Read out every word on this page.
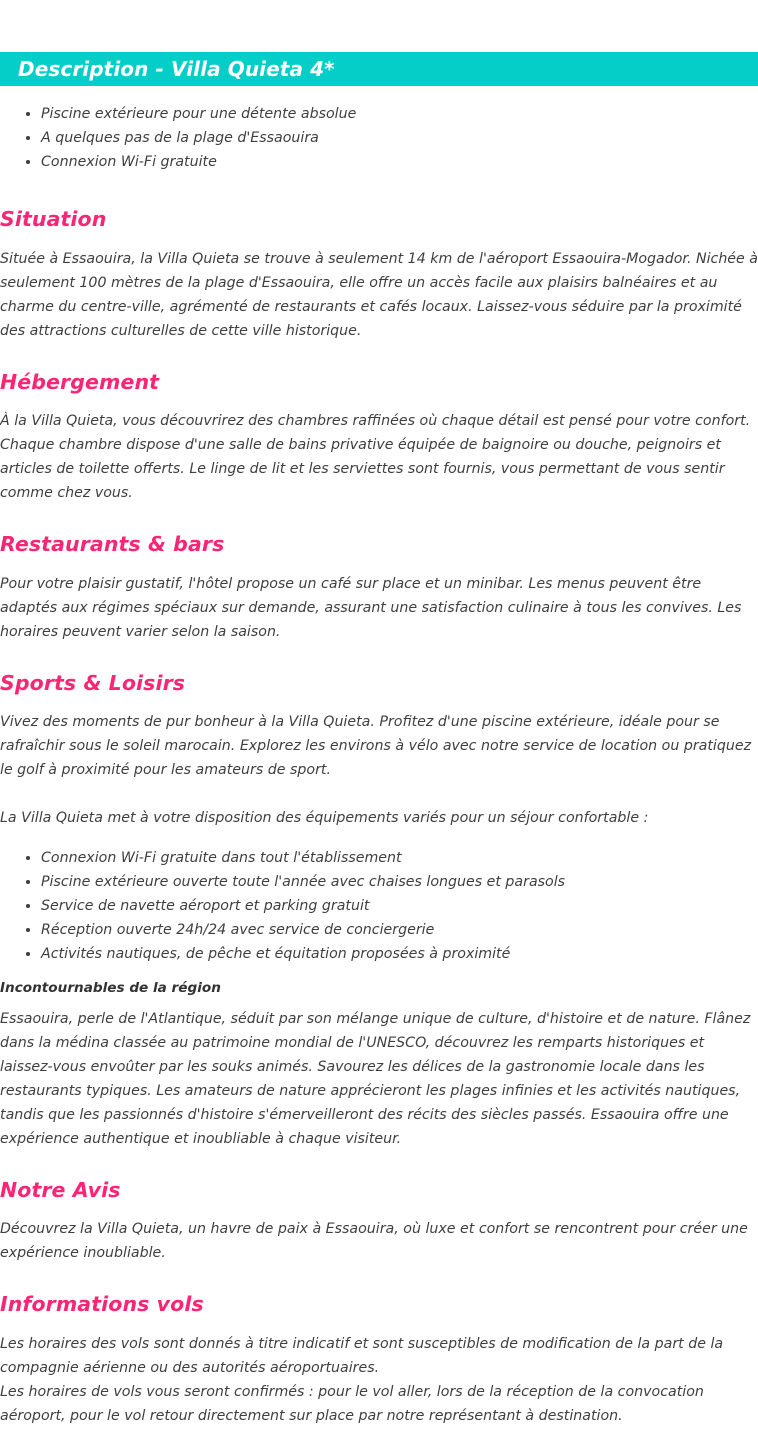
Description - Villa Quieta 4*
Piscine extérieure pour une détente absolue
A quelques pas de la plage d'Essaouira
Connexion Wi-Fi gratuite
Situation

Située à Essaouira, la Villa Quieta se trouve à seulement 14 km de l'aéroport Essaouira-Mogador. Nichée à seulement 100 mètres de la plage d'Essaouira, elle offre un accès facile aux plaisirs balnéaires et au charme du centre-ville, agrémenté de restaurants et cafés locaux. Laissez-vous séduire par la proximité des attractions culturelles de cette ville historique.

Hébergement

À la Villa Quieta, vous découvrirez des chambres raffinées où chaque détail est pensé pour votre confort. Chaque chambre dispose d'une salle de bains privative équipée de baignoire ou douche, peignoirs et articles de toilette offerts. Le linge de lit et les serviettes sont fournis, vous permettant de vous sentir comme chez vous.

Restaurants & bars

Pour votre plaisir gustatif, l'hôtel propose un café sur place et un minibar. Les menus peuvent être adaptés aux régimes spéciaux sur demande, assurant une satisfaction culinaire à tous les convives. Les horaires peuvent varier selon la saison.

Sports & Loisirs

Vivez des moments de pur bonheur à la Villa Quieta. Profitez d'une piscine extérieure, idéale pour se rafraîchir sous le soleil marocain. Explorez les environs à vélo avec notre service de location ou pratiquez le golf à proximité pour les amateurs de sport.

La Villa Quieta met à votre disposition des équipements variés pour un séjour confortable :

Connexion Wi-Fi gratuite dans tout l'établissement
Piscine extérieure ouverte toute l'année avec chaises longues et parasols
Service de navette aéroport et parking gratuit
Réception ouverte 24h/24 avec service de conciergerie
Activités nautiques, de pêche et équitation proposées à proximité
Incontournables de la région

Essaouira, perle de l'Atlantique, séduit par son mélange unique de culture, d'histoire et de nature. Flânez dans la médina classée au patrimoine mondial de l'UNESCO, découvrez les remparts historiques et laissez-vous envoûter par les souks animés. Savourez les délices de la gastronomie locale dans les restaurants typiques. Les amateurs de nature apprécieront les plages infinies et les activités nautiques, tandis que les passionnés d'histoire s'émerveilleront des récits des siècles passés. Essaouira offre une expérience authentique et inoubliable à chaque visiteur.

Notre Avis

Découvrez la Villa Quieta, un havre de paix à Essaouira, où luxe et confort se rencontrent pour créer une expérience inoubliable.

Informations vols

Les horaires des vols sont donnés à titre indicatif et sont susceptibles de modification de la part de la compagnie aérienne ou des autorités aéroportuaires.

Les horaires de vols vous seront confirmés : pour le vol aller, lors de la réception de la convocation aéroport, pour le vol retour directement sur place par notre représentant à destination.
